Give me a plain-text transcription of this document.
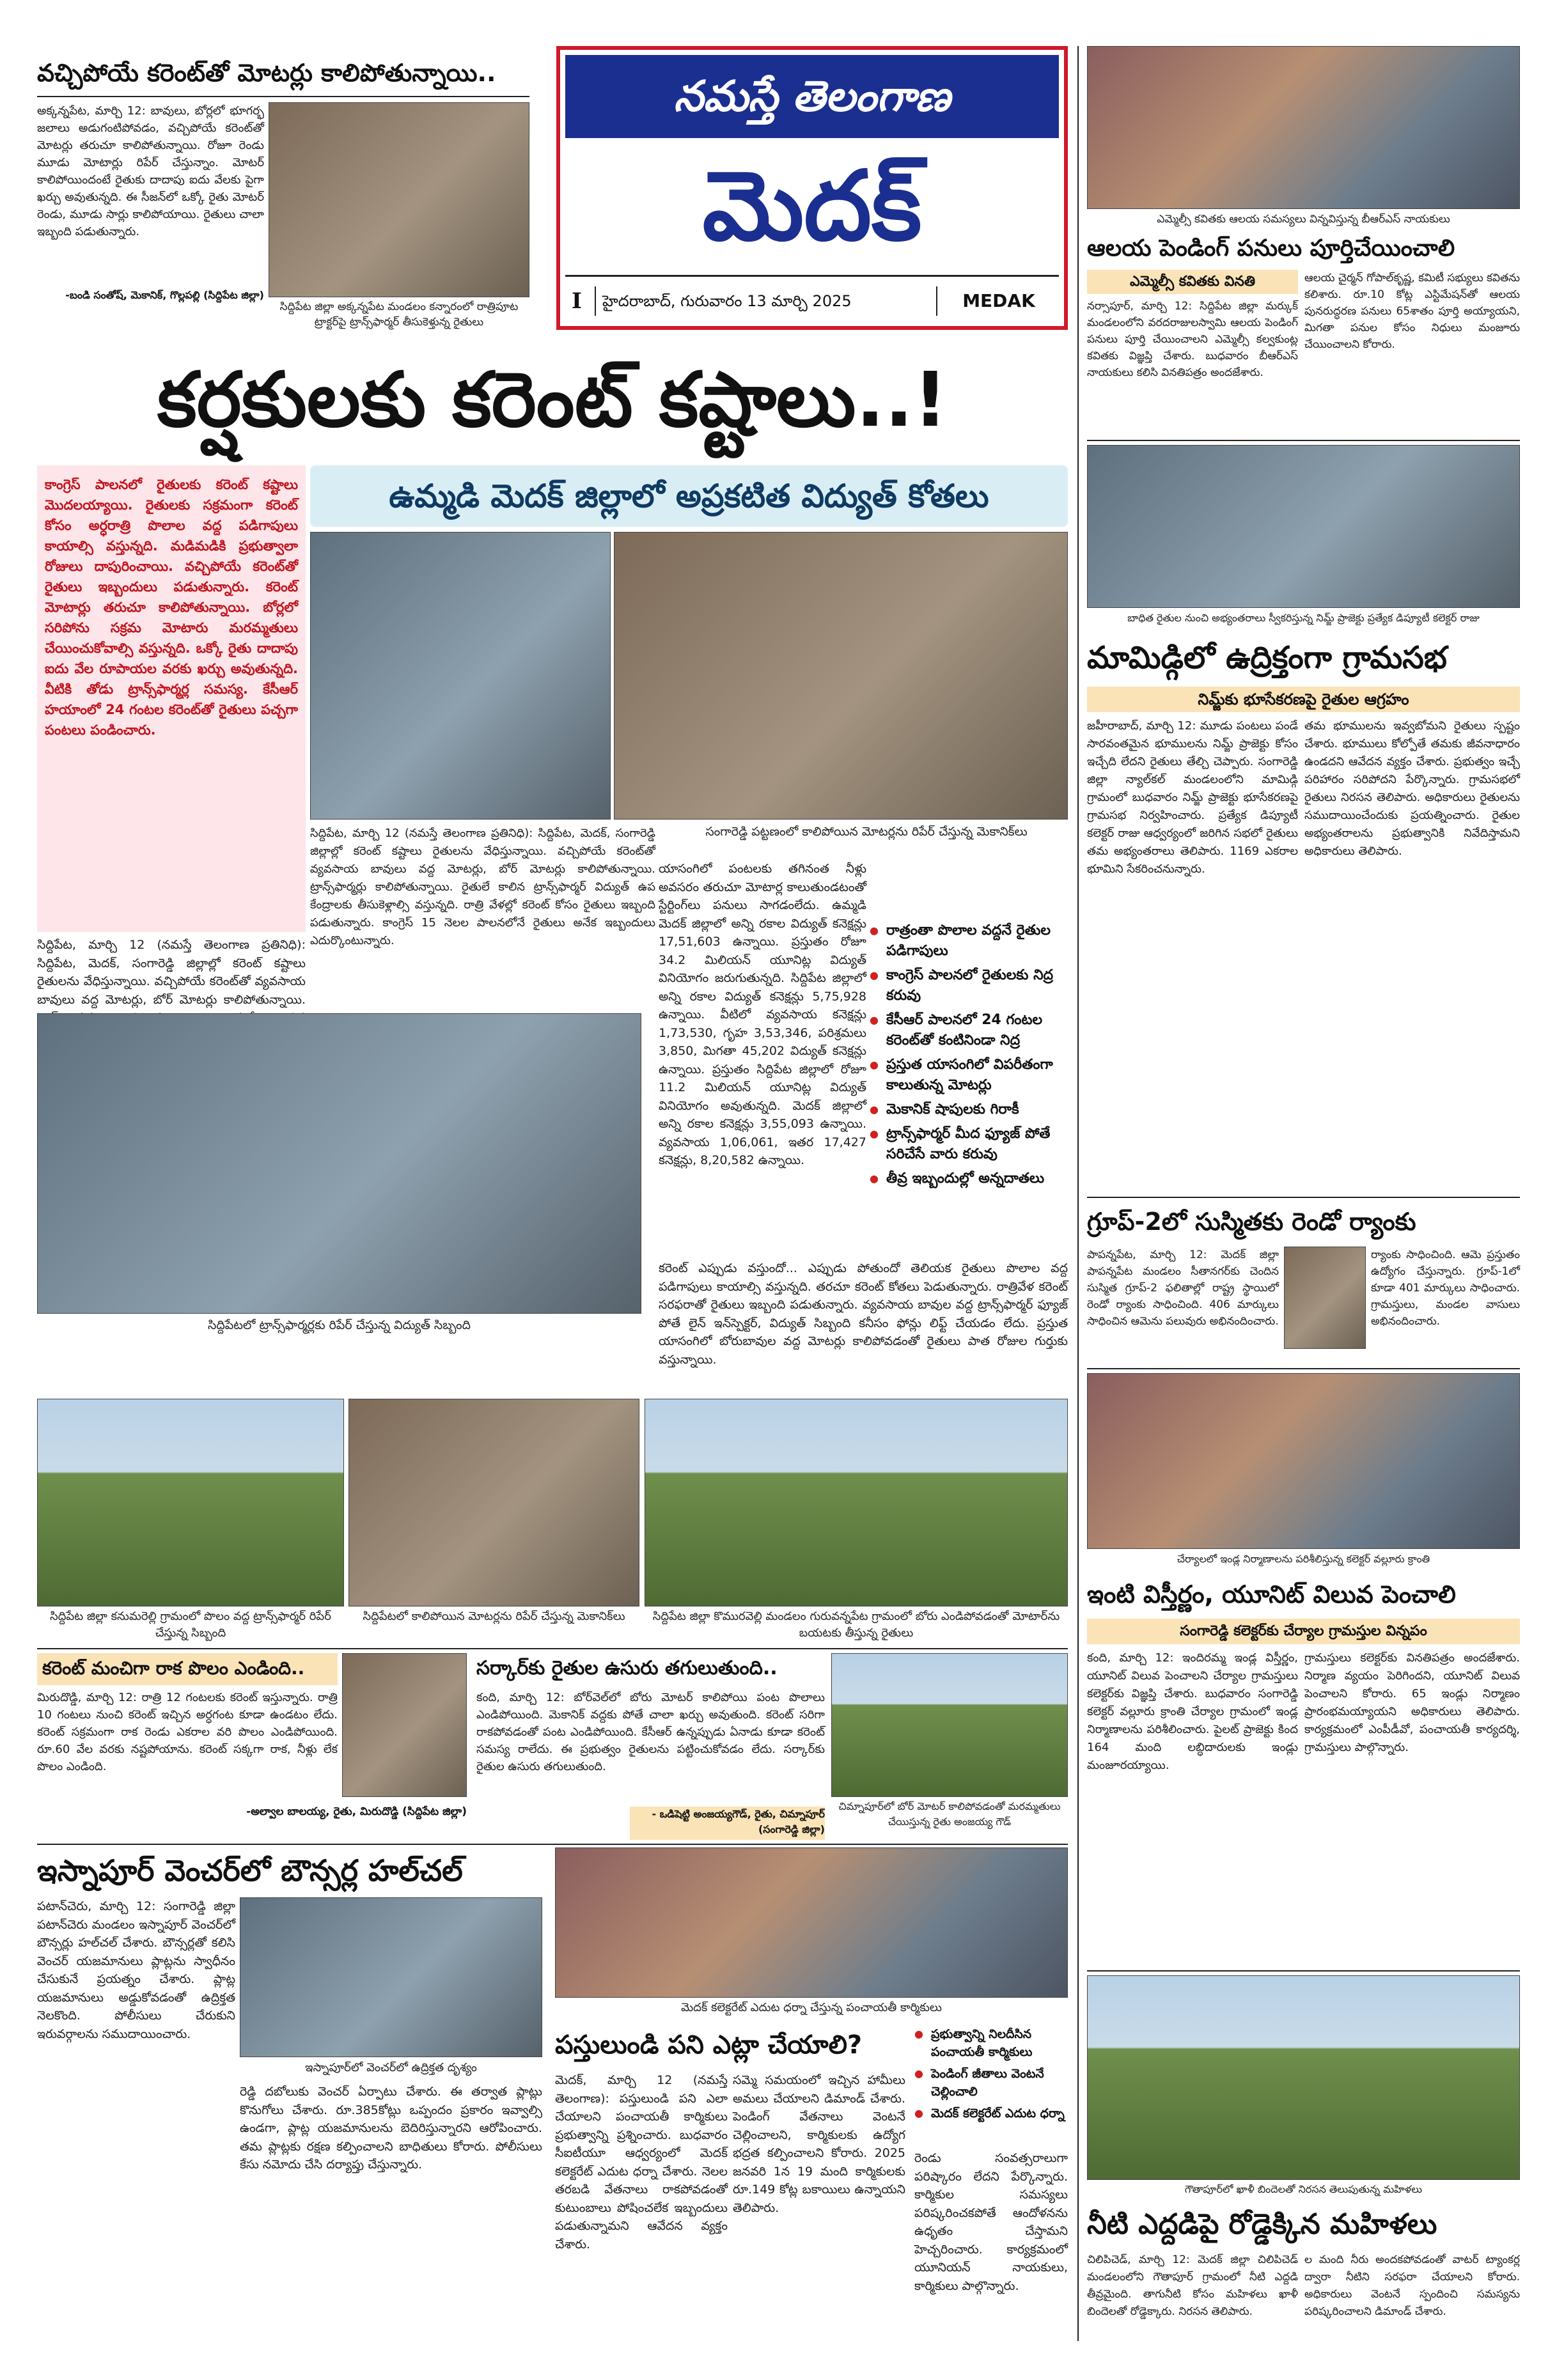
వచ్చిపోయే కరెంట్‌తో మోటర్లు కాలిపోతున్నాయి..
అక్కన్నపేట, మార్చి 12: బావులు, బోర్లలో భూగర్భ జలాలు అడుగంటిపోవడం, వచ్చిపోయే కరెంట్‌తో మోటర్లు తరుచూ కాలిపోతున్నాయి. రోజూ రెండు మూడు మోటార్లు రిపేర్ చేస్తున్నాం. మోటర్ కాలిపోయిందంటే రైతుకు దాదాపు ఐదు వేలకు పైగా ఖర్చు అవుతున్నది. ఈ సీజన్‌లో ఒక్కో రైతు మోటర్ రెండు, మూడు సార్లు కాలిపోయాయి. రైతులు చాలా ఇబ్బంది పడుతున్నారు.
సిద్దిపేట జిల్లా అక్కన్నపేట మండలం కన్నారంలో రాత్రిపూట ట్రాక్టర్‌పై ట్రాన్స్‌ఫార్మర్ తీసుకెళ్తున్న రైతులు
-బండి సంతోష్, మెకానిక్, గొల్లపల్లి (సిద్దిపేట జిల్లా)
నమస్తే తెలంగాణ
మెదక్
I	హైదరాబాద్, గురువారం 13 మార్చి 2025	MEDAK
కర్షకులకు కరెంట్ కష్టాలు..!
కాంగ్రెస్ పాలనలో రైతులకు కరెంట్ కష్టాలు మొదలయ్యాయి. రైతులకు సక్రమంగా కరెంట్ కోసం అర్ధరాత్రి పొలాల వద్ద పడిగాపులు కాయాల్సి వస్తున్నది. మడిమడికి ప్రభుత్వాలా రోజులు దాపురించాయి. వచ్చిపోయే కరెంట్‌తో రైతులు ఇబ్బందులు పడుతున్నారు. కరెంట్ మోటార్లు తరుచూ కాలిపోతున్నాయి. బోర్లలో సరిపోను సక్రమ మోటారు మరమ్మతులు చేయించుకోవాల్సి వస్తున్నది. ఒక్కో రైతు దాదాపు ఐదు వేల రూపాయల వరకు ఖర్చు అవుతున్నది. వీటికి తోడు ట్రాన్స్‌ఫార్మర్ల సమస్య. కేసీఆర్ హయాంలో 24 గంటల కరెంట్‌తో రైతులు పచ్చగా పంటలు పండించారు.
ఉమ్మడి మెదక్ జిల్లాలో అప్రకటిత విద్యుత్ కోతలు
సంగారెడ్డి పట్టణంలో కాలిపోయిన మోటర్లను రిపేర్ చేస్తున్న మెకానిక్‌లు
సిద్దిపేట, మార్చి 12 (నమస్తే తెలంగాణ ప్రతినిధి): సిద్దిపేట, మెదక్, సంగారెడ్డి జిల్లాల్లో కరెంట్ కష్టాలు రైతులను వేధిస్తున్నాయి. వచ్చిపోయే కరెంట్‌తో వ్యవసాయ బావులు వద్ద మోటర్లు, బోర్ మోటర్లు కాలిపోతున్నాయి.
సిద్దిపేట, మార్చి 12 (నమస్తే తెలంగాణ ప్రతినిధి): సిద్దిపేట, మెదక్, సంగారెడ్డి జిల్లాల్లో కరెంట్ కష్టాలు రైతులను వేధిస్తున్నాయి. వచ్చిపోయే కరెంట్‌తో వ్యవసాయ బావులు వద్ద మోటర్లు, బోర్ మోటర్లు కాలిపోతున్నాయి. ట్రాన్స్‌ఫార్మర్లు కాలిపోతున్నాయి. రైతులే కాలిన ట్రాన్స్‌ఫార్మర్ విద్యుత్ ఉప కేంద్రాలకు తీసుకెళ్లాల్సి వస్తున్నది. రాత్రి వేళల్లో కరెంట్ కోసం రైతులు ఇబ్బంది పడుతున్నారు. కాంగ్రెస్ 15 నెలల పాలనలోనే రైతులు అనేక ఇబ్బందులు ఎదుర్కొంటున్నారు.
సిద్దిపేటలో ట్రాన్స్‌ఫార్మర్లకు రిపేర్ చేస్తున్న విద్యుత్ సిబ్బంది
యాసంగిలో పంటలకు తగినంత నీళ్లు అవసరం తరుచూ మోటార్ల కాలుతుండటంతో స్టేర్టింగ్‌లు పనులు సాగడంలేదు. ఉమ్మడి మెదక్ జిల్లాలో అన్ని రకాల విద్యుత్ కనెక్షన్లు 17,51,603 ఉన్నాయి. ప్రస్తుతం రోజూ 34.2 మిలియన్ యూనిట్ల విద్యుత్ వినియోగం జరుగుతున్నది. సిద్దిపేట జిల్లాలో అన్ని రకాల విద్యుత్ కనెక్షన్లు 5,75,928 ఉన్నాయి. వీటిలో వ్యవసాయ కనెక్షన్లు 1,73,530, గృహ 3,53,346, పరిశ్రమలు 3,850, మిగతా 45,202 విద్యుత్ కనెక్షన్లు ఉన్నాయి. ప్రస్తుతం సిద్దిపేట జిల్లాలో రోజూ 11.2 మిలియన్ యూనిట్ల విద్యుత్ వినియోగం అవుతున్నది. మెదక్ జిల్లాలో అన్ని రకాల కనెక్షన్లు 3,55,093 ఉన్నాయి. వ్యవసాయ 1,06,061, ఇతర 17,427 కనెక్షన్లు, 8,20,582 ఉన్నాయి.
● రాత్రంతా పొలాల వద్దనే రైతుల పడిగాపులు
● కాంగ్రెస్ పాలనలో రైతులకు నిద్ర కరువు
● కేసీఆర్ పాలనలో 24 గంటల కరెంట్‌తో కంటినిండా నిద్ర
● ప్రస్తుత యాసంగిలో విపరీతంగా కాలుతున్న మోటర్లు
● మెకానిక్ షాపులకు గిరాకీ
● ట్రాన్స్‌ఫార్మర్ మీద ఫ్యూజ్ పోతే సరిచేసే వారు కరువు
● తీవ్ర ఇబ్బందుల్లో అన్నదాతలు
కరెంట్ ఎప్పుడు వస్తుందో... ఎప్పుడు పోతుందో తెలియక రైతులు పొలాల వద్ద పడిగాపులు కాయాల్సి వస్తున్నది. తరచూ కరెంట్ కోతలు పెడుతున్నారు. రాత్రివేళ కరెంట్ సరఫరాతో రైతులు ఇబ్బంది పడుతున్నారు. వ్యవసాయ బావుల వద్ద ట్రాన్స్‌ఫార్మర్ ఫ్యూజ్ పోతే లైన్ ఇన్‌స్పెక్టర్, విద్యుత్ సిబ్బంది కనీసం ఫోన్లు లిఫ్ట్ చేయడం లేదు. ప్రస్తుత యాసంగిలో బోరుబావుల వద్ద మోటర్లు కాలిపోవడంతో రైతులు పాత రోజుల గుర్తుకు వస్తున్నాయి.
సిద్దిపేట జిల్లా కనుమరెల్లి గ్రామంలో పొలం వద్ద ట్రాన్స్‌ఫార్మర్ రిపేర్ చేస్తున్న సిబ్బంది
సిద్దిపేటలో కాలిపోయిన మోటర్లను రిపేర్ చేస్తున్న మెకానిక్‌లు	సిద్దిపేట జిల్లా కొమురవెల్లి మండలం గురువన్నపేట గ్రామంలో బోరు ఎండిపోవడంతో మోటార్‌ను బయటకు తీస్తున్న రైతులు
కరెంట్ మంచిగా రాక పొలం ఎండింది..
మిరుదొడ్డి, మార్చి 12: రాత్రి 12 గంటలకు కరెంట్ ఇస్తున్నారు. రాత్రి 10 గంటలు నుంచి కరెంట్ ఇచ్చిన అర్ధగంట కూడా ఉండటం లేదు. కరెంట్ సక్రమంగా రాక రెండు ఎకరాల వరి పొలం ఎండిపోయింది. రూ.60 వేల వరకు నష్టపోయాను. కరెంట్ సక్కగా రాక, నీళ్లు లేక పొలం ఎండింది.
-అల్వాల బాలయ్య, రైతు, మిరుదొడ్డి (సిద్దిపేట జిల్లా)
సర్కార్‌కు రైతుల ఉసురు తగులుతుంది..
కంది, మార్చి 12: బోర్‌వెల్‌లో బోరు మోటర్ కాలిపోయి పంట పొలాలు ఎండిపోయింది. మెకానిక్ వద్దకు పోతే చాలా ఖర్చు అవుతుంది. కరెంట్ సరిగా రాకపోవడంతో పంట ఎండిపోయింది. కేసీఆర్ ఉన్నప్పుడు ఏనాడు కూడా కరెంట్ సమస్య రాలేదు. ఈ ప్రభుత్వం రైతులను పట్టించుకోవడం లేదు. సర్కార్‌కు రైతుల ఉసురు తగులుతుంది.
- ఒడిషెట్టి అంజయ్యగౌడ్, రైతు, చిమ్నాపూర్ (సంగారెడ్డి జిల్లా)
చిమ్నాపూర్‌లో బోర్ మోటర్ కాలిపోవడంతో మరమ్మతులు చేయిస్తున్న రైతు అంజయ్య గౌడ్
ఇస్నాపూర్ వెంచర్‌లో బౌన్సర్ల హల్‌చల్
పటాన్‌చెరు, మార్చి 12: సంగారెడ్డి జిల్లా పటాన్‌చెరు మండలం ఇస్నాపూర్ వెంచర్‌లో బౌన్సర్లు హల్‌చల్ చేశారు. బౌన్సర్లతో కలిసి వెంచర్ యజమానులు ప్లాట్లను స్వాధీనం చేసుకునే ప్రయత్నం చేశారు. ప్లాట్ల యజమానులు అడ్డుకోవడంతో ఉద్రిక్తత నెలకొంది. పోలీసులు చేరుకుని ఇరువర్గాలను సముదాయించారు.
ఇస్నాపూర్‌లో వెంచర్‌లో ఉద్రిక్తత దృశ్యం
రెడ్డి దబోలుకు వెంచర్ ఏర్పాటు చేశారు. ఈ తర్వాత ప్లాట్లు కొనుగోలు చేశారు. రూ.385కోట్లు ఒప్పందం ప్రకారం ఇవ్వాల్సి ఉండగా, ప్లాట్ల యజమానులను బెదిరిస్తున్నారని ఆరోపించారు. తమ ప్లాట్లకు రక్షణ కల్పించాలని బాధితులు కోరారు. పోలీసులు కేసు నమోదు చేసి దర్యాప్తు చేస్తున్నారు.
మెదక్ కలెక్టరేట్ ఎదుట ధర్నా చేస్తున్న పంచాయతీ కార్మికులు
పస్తులుండి పని ఎట్లా చేయాలి?
మెదక్, మార్చి 12 (నమస్తే తెలంగాణ): పస్తులుండి పని ఎలా చేయాలని పంచాయతీ కార్మికులు ప్రభుత్వాన్ని ప్రశ్నించారు. బుధవారం సీఐటీయూ ఆధ్వర్యంలో మెదక్ కలెక్టరేట్ ఎదుట ధర్నా చేశారు. నెలల తరబడి వేతనాలు రాకపోవడంతో కుటుంబాలు పోషించలేక ఇబ్బందులు పడుతున్నామని ఆవేదన వ్యక్తం చేశారు.
సమ్మె సమయంలో ఇచ్చిన హామీలు అమలు చేయాలని డిమాండ్ చేశారు. పెండింగ్ వేతనాలు వెంటనే చెల్లించాలని, కార్మికులకు ఉద్యోగ భద్రత కల్పించాలని కోరారు. 2025 జనవరి 1న 19 మంది కార్మికులకు రూ.149 కోట్ల బకాయిలు ఉన్నాయని తెలిపారు.
● ప్రభుత్వాన్ని నిలదీసిన పంచాయతీ కార్మికులు
● పెండింగ్ జీతాలు వెంటనే చెల్లించాలి
● మెదక్ కలెక్టరేట్ ఎదుట ధర్నా
రెండు సంవత్సరాలుగా పరిష్కారం లేదని పేర్కొన్నారు. కార్మికుల సమస్యలు పరిష్కరించకపోతే ఆందోళనను ఉధృతం చేస్తామని హెచ్చరించారు. కార్యక్రమంలో యూనియన్ నాయకులు, కార్మికులు పాల్గొన్నారు.
ఎమ్మెల్సీ కవితకు ఆలయ సమస్యలు విన్నవిస్తున్న బీఆర్‌ఎస్ నాయకులు
ఆలయ పెండింగ్ పనులు పూర్తిచేయించాలి
ఎమ్మెల్సీ కవితకు వినతి
నర్సాపూర్, మార్చి 12: సిద్దిపేట జిల్లా మర్కుక్ మండలంలోని వరదరాజులస్వామి ఆలయ పెండింగ్ పనులు పూర్తి చేయించాలని ఎమ్మెల్సీ కల్వకుంట్ల కవితకు విజ్ఞప్తి చేశారు. బుధవారం బీఆర్‌ఎస్ నాయకులు కలిసి వినతిపత్రం అందజేశారు.
ఆలయ చైర్మన్ గోపాల్‌కృష్ణ, కమిటీ సభ్యులు కవితను కలిశారు. రూ.10 కోట్ల ఎస్టిమేషన్‌తో ఆలయ పునరుద్ధరణ పనులు 65శాతం పూర్తి అయ్యాయని, మిగతా పనుల కోసం నిధులు మంజూరు చేయించాలని కోరారు.
బాధిత రైతుల నుంచి అభ్యంతరాలు స్వీకరిస్తున్న నిమ్జ్ ప్రాజెక్టు ప్రత్యేక డిప్యూటీ కలెక్టర్ రాజు
మామిడ్గిలో ఉద్రిక్తంగా గ్రామసభ
నిమ్జ్‌కు భూసేకరణపై రైతుల ఆగ్రహం
జహీరాబాద్, మార్చి 12: మూడు పంటలు పండే సారవంతమైన భూములను నిమ్జ్ ప్రాజెక్టు కోసం ఇచ్చేది లేదని రైతులు తేల్చి చెప్పారు. సంగారెడ్డి జిల్లా న్యాల్‌కల్ మండలంలోని మామిడ్గి గ్రామంలో బుధవారం నిమ్జ్ ప్రాజెక్టు భూసేకరణపై గ్రామసభ నిర్వహించారు. ప్రత్యేక డిప్యూటీ కలెక్టర్ రాజు ఆధ్వర్యంలో జరిగిన సభలో రైతులు తమ అభ్యంతరాలు తెలిపారు. 1169 ఎకరాల భూమిని సేకరించనున్నారు.
తమ భూములను ఇవ్వబోమని రైతులు స్పష్టం చేశారు. భూములు కోల్పోతే తమకు జీవనాధారం ఉండదని ఆవేదన వ్యక్తం చేశారు. ప్రభుత్వం ఇచ్చే పరిహారం సరిపోదని పేర్కొన్నారు. గ్రామసభలో రైతులు నిరసన తెలిపారు. అధికారులు రైతులను సముదాయించేందుకు ప్రయత్నించారు. రైతుల అభ్యంతరాలను ప్రభుత్వానికి నివేదిస్తామని అధికారులు తెలిపారు.
గ్రూప్-2లో సుస్మితకు రెండో ర్యాంకు
పాపన్నపేట, మార్చి 12: మెదక్ జిల్లా పాపన్నపేట మండలం సీతానగర్‌కు చెందిన సుస్మిత గ్రూప్-2 ఫలితాల్లో రాష్ట్ర స్థాయిలో రెండో ర్యాంకు సాధించింది. 406 మార్కులు సాధించిన ఆమెను పలువురు అభినందించారు.
ర్యాంకు సాధించింది. ఆమె ప్రస్తుతం ఉద్యోగం చేస్తున్నారు. గ్రూప్-1లో కూడా 401 మార్కులు సాధించారు. గ్రామస్తులు, మండల వాసులు అభినందించారు.
చేర్యాలలో ఇండ్ల నిర్మాణాలను పరిశీలిస్తున్న కలెక్టర్ వల్లూరు క్రాంతి
ఇంటి విస్తీర్ణం, యూనిట్ విలువ పెంచాలి
సంగారెడ్డి కలెక్టర్‌కు చేర్యాల గ్రామస్తుల విన్నపం
కంది, మార్చి 12: ఇందిరమ్మ ఇండ్ల విస్తీర్ణం, యూనిట్ విలువ పెంచాలని చేర్యాల గ్రామస్తులు కలెక్టర్‌కు విజ్ఞప్తి చేశారు. బుధవారం సంగారెడ్డి కలెక్టర్ వల్లూరు క్రాంతి చేర్యాల గ్రామంలో ఇండ్ల నిర్మాణాలను పరిశీలించారు. పైలట్ ప్రాజెక్టు కింద 164 మంది లబ్ధిదారులకు ఇండ్లు మంజూరయ్యాయి.
గ్రామస్తులు కలెక్టర్‌కు వినతిపత్రం అందజేశారు. నిర్మాణ వ్యయం పెరిగిందని, యూనిట్ విలువ పెంచాలని కోరారు. 65 ఇండ్లు నిర్మాణం ప్రారంభమయ్యాయని అధికారులు తెలిపారు. కార్యక్రమంలో ఎంపీడీవో, పంచాయతీ కార్యదర్శి, గ్రామస్తులు పాల్గొన్నారు.
గౌతాపూర్‌లో ఖాళీ బిందెలతో నిరసన తెలుపుతున్న మహిళలు
నీటి ఎద్దడిపై రోడ్డెక్కిన మహిళలు
చిలిపిచెడ్, మార్చి 12: మెదక్ జిల్లా చిలిపిచెడ్ మండలంలోని గౌతాపూర్ గ్రామంలో నీటి ఎద్దడి తీవ్రమైంది. తాగునీటి కోసం మహిళలు ఖాళీ బిందెలతో రోడ్డెక్కారు. నిరసన తెలిపారు.
ల మంది నీరు అందకపోవడంతో వాటర్ ట్యాంకర్ల ద్వారా నీటిని సరఫరా చేయాలని కోరారు. అధికారులు వెంటనే స్పందించి సమస్యను పరిష్కరించాలని డిమాండ్ చేశారు.
